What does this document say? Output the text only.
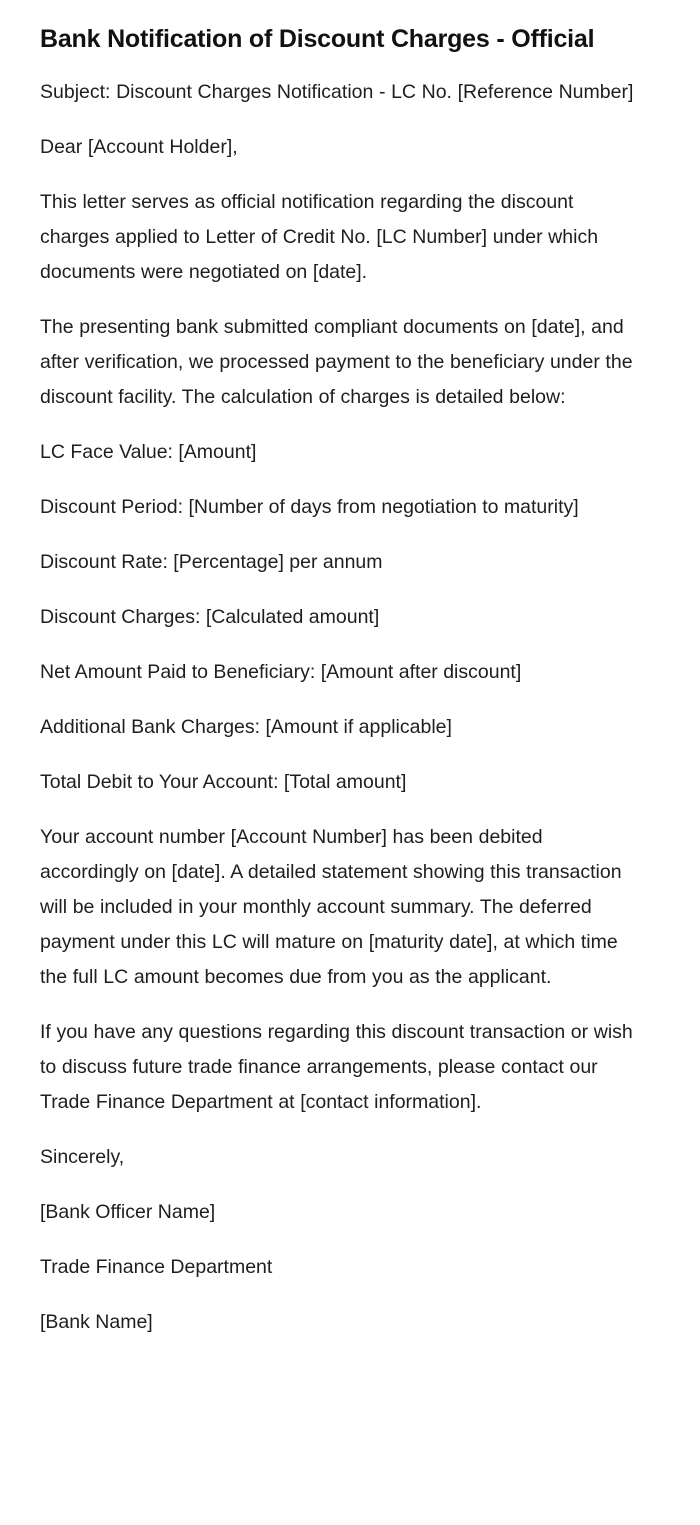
Bank Notification of Discount Charges - Official

Subject: Discount Charges Notification - LC No. [Reference Number]

Dear [Account Holder],

This letter serves as official notification regarding the discount charges applied to Letter of Credit No. [LC Number] under which documents were negotiated on [date].

The presenting bank submitted compliant documents on [date], and after verification, we processed payment to the beneficiary under the discount facility. The calculation of charges is detailed below:

LC Face Value: [Amount]
Discount Period: [Number of days from negotiation to maturity]
Discount Rate: [Percentage] per annum
Discount Charges: [Calculated amount]
Net Amount Paid to Beneficiary: [Amount after discount]
Additional Bank Charges: [Amount if applicable]
Total Debit to Your Account: [Total amount]

Your account number [Account Number] has been debited accordingly on [date]. A detailed statement showing this transaction will be included in your monthly account summary. The deferred payment under this LC will mature on [maturity date], at which time the full LC amount becomes due from you as the applicant.

If you have any questions regarding this discount transaction or wish to discuss future trade finance arrangements, please contact our Trade Finance Department at [contact information].

Sincerely,

[Bank Officer Name]

Trade Finance Department

[Bank Name]
